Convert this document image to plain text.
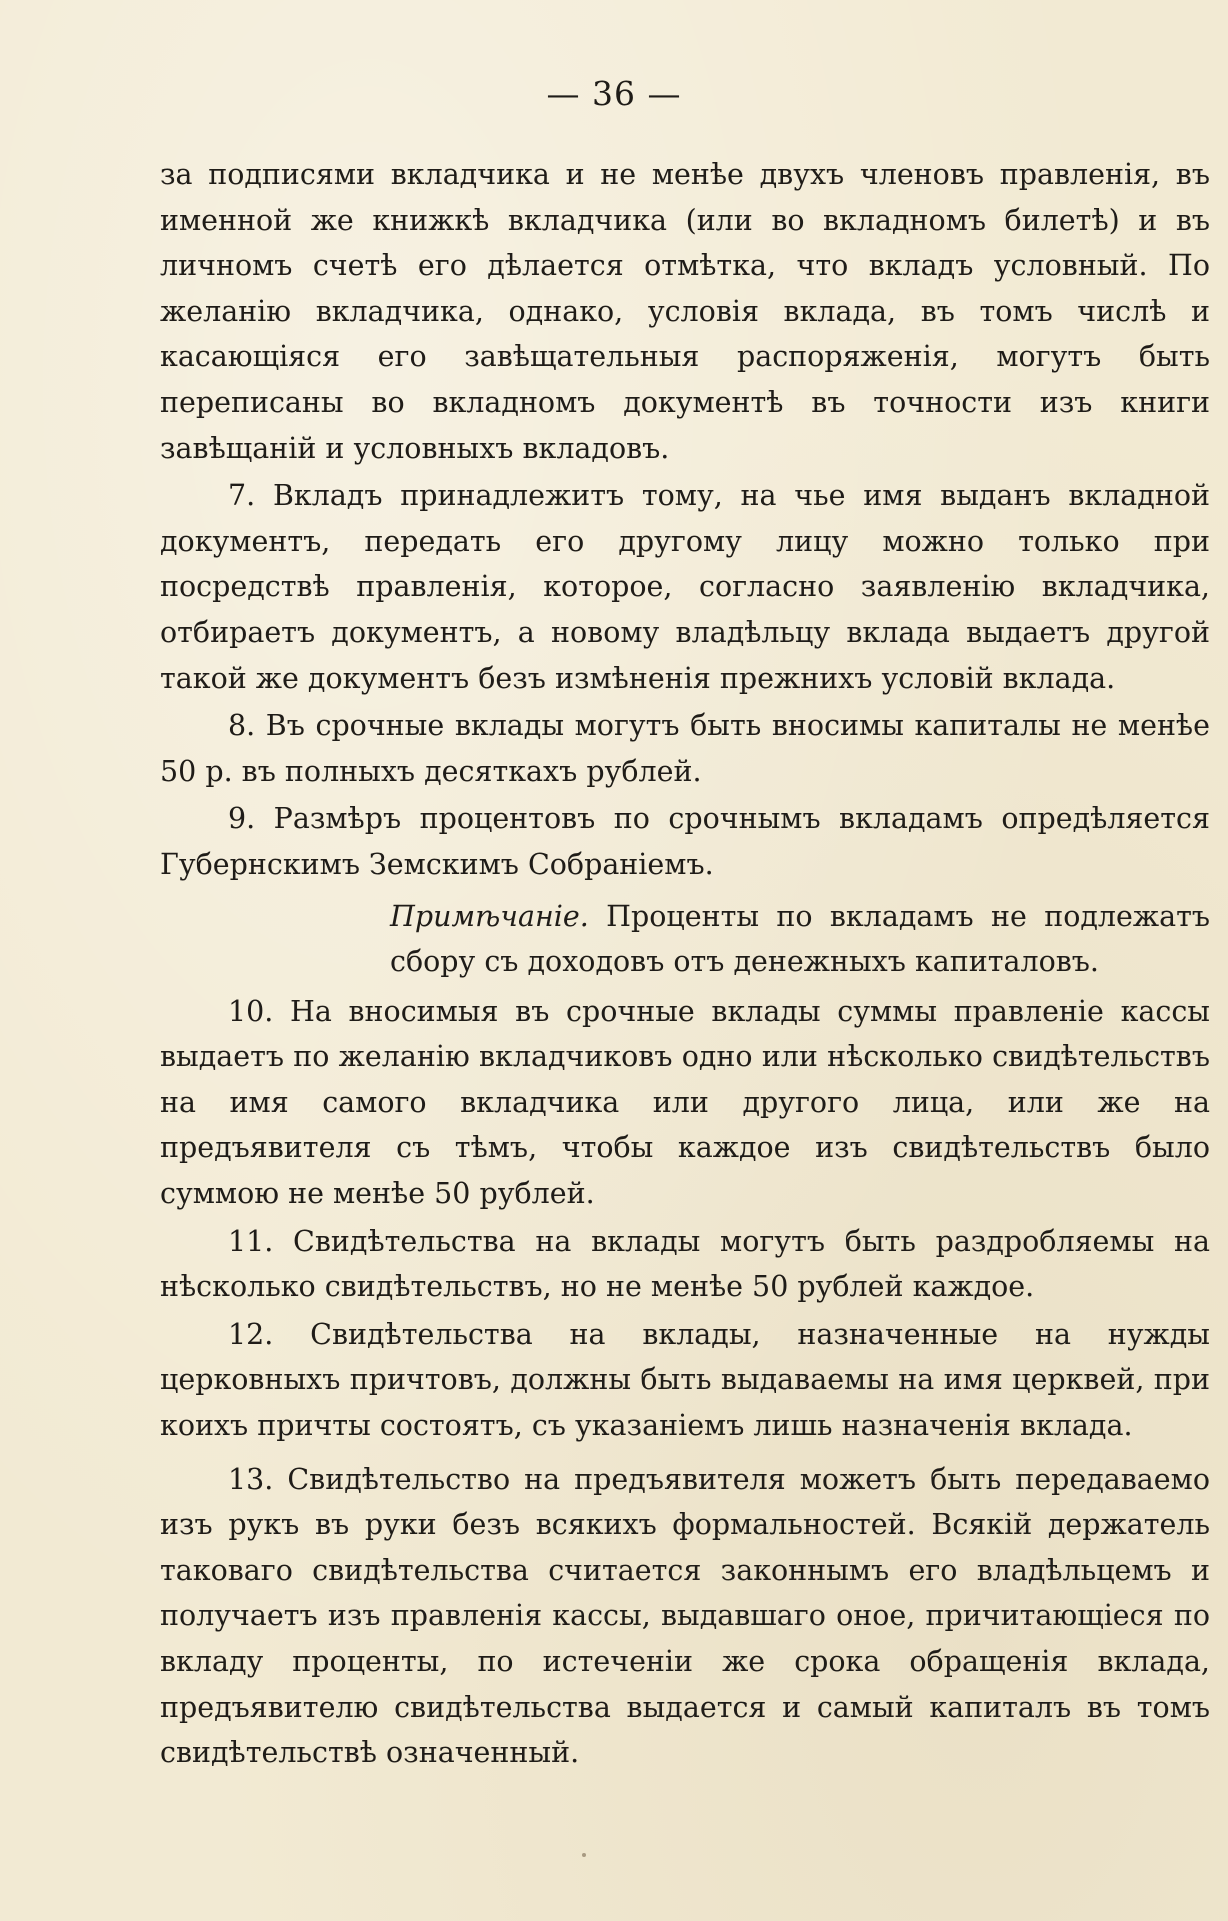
— 36 —

за подписями вкладчика и не менѣе двухъ членовъ правленія, въ именной же книжкѣ вкладчика (или во вкладномъ билетѣ) и въ личномъ счетѣ его дѣлается отмѣтка, что вкладъ условный. По желанію вкладчика, однако, условія вклада, въ томъ числѣ и касающіяся его завѣщательныя распоряженія, могутъ быть переписаны во вкладномъ документѣ въ точности изъ книги завѣщаній и условныхъ вкладовъ.

7. Вкладъ принадлежитъ тому, на чье имя выданъ вкладной документъ, передать его другому лицу можно только при посредствѣ правленія, которое, согласно заявленію вкладчика, отбираетъ документъ, а новому владѣльцу вклада выдаетъ другой такой же документъ безъ измѣненія прежнихъ условій вклада.

8. Въ срочные вклады могутъ быть вносимы капиталы не менѣе 50 р. въ полныхъ десяткахъ рублей.

9. Размѣръ процентовъ по срочнымъ вкладамъ опредѣляется Губернскимъ Земскимъ Собраніемъ.

Примѣчаніе. Проценты по вкладамъ не подлежатъ сбору съ доходовъ отъ денежныхъ капиталовъ.

10. На вносимыя въ срочные вклады суммы правленіе кассы выдаетъ по желанію вкладчиковъ одно или нѣсколько свидѣтельствъ на имя самого вкладчика или другого лица, или же на предъявителя съ тѣмъ, чтобы каждое изъ свидѣтельствъ было суммою не менѣе 50 рублей.

11. Свидѣтельства на вклады могутъ быть раздробляемы на нѣсколько свидѣтельствъ, но не менѣе 50 рублей каждое.

12. Свидѣтельства на вклады, назначенные на нужды церковныхъ причтовъ, должны быть выдаваемы на имя церквей, при коихъ причты состоятъ, съ указаніемъ лишь назначенія вклада.

13. Свидѣтельство на предъявителя можетъ быть передаваемо изъ рукъ въ руки безъ всякихъ формальностей. Всякій держатель таковаго свидѣтельства считается законнымъ его владѣльцемъ и получаетъ изъ правленія кассы, выдавшаго оное, причитающіеся по вкладу проценты, по истеченіи же срока обращенія вклада, предъявителю свидѣтельства выдается и самый капиталъ въ томъ свидѣтельствѣ означенный.
